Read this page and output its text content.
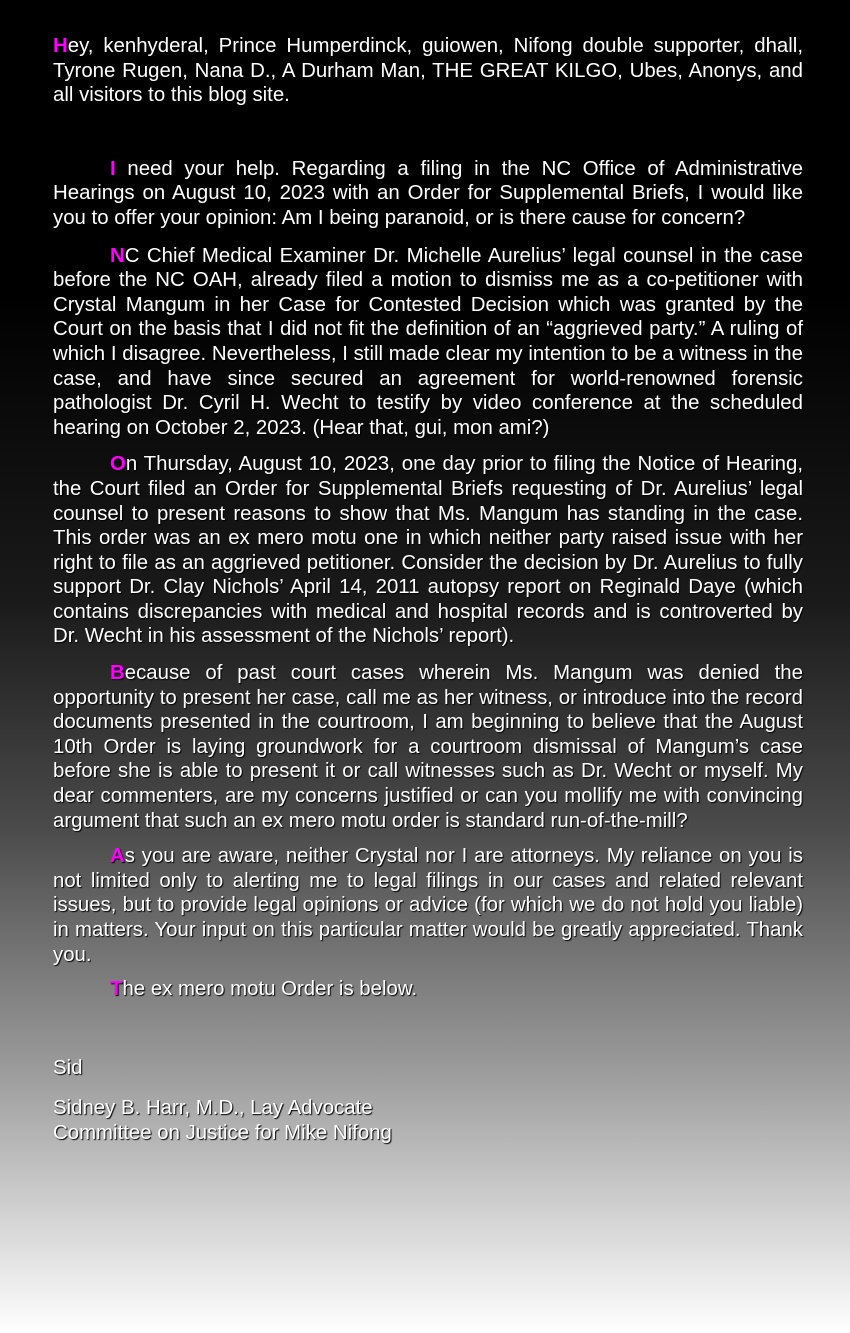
Hey, kenhyderal, Prince Humperdinck, guiowen, Nifong double supporter, dhall, Tyrone Rugen, Nana D., A Durham Man, THE GREAT KILGO, Ubes, Anonys, and all visitors to this blog site.

I need your help. Regarding a filing in the NC Office of Administrative Hearings on August 10, 2023 with an Order for Supplemental Briefs, I would like you to offer your opinion: Am I being paranoid, or is there cause for concern?

NC Chief Medical Examiner Dr. Michelle Aurelius’ legal counsel in the case before the NC OAH, already filed a motion to dismiss me as a co-petitioner with Crystal Mangum in her Case for Contested Decision which was granted by the Court on the basis that I did not fit the definition of an “aggrieved party.” A ruling of which I disagree. Nevertheless, I still made clear my intention to be a witness in the case, and have since secured an agreement for world-renowned forensic pathologist Dr. Cyril H. Wecht to testify by video conference at the scheduled hearing on October 2, 2023. (Hear that, gui, mon ami?)

On Thursday, August 10, 2023, one day prior to filing the Notice of Hearing, the Court filed an Order for Supplemental Briefs requesting of Dr. Aurelius’ legal counsel to present reasons to show that Ms. Mangum has standing in the case. This order was an ex mero motu one in which neither party raised issue with her right to file as an aggrieved petitioner. Consider the decision by Dr. Aurelius to fully support Dr. Clay Nichols’ April 14, 2011 autopsy report on Reginald Daye (which contains discrepancies with medical and hospital records and is controverted by Dr. Wecht in his assessment of the Nichols’ report).

Because of past court cases wherein Ms. Mangum was denied the opportunity to present her case, call me as her witness, or introduce into the record documents presented in the courtroom, I am beginning to believe that the August 10th Order is laying groundwork for a courtroom dismissal of Mangum’s case before she is able to present it or call witnesses such as Dr. Wecht or myself. My dear commenters, are my concerns justified or can you mollify me with convincing argument that such an ex mero motu order is standard run-of-the-mill?

As you are aware, neither Crystal nor I are attorneys. My reliance on you is not limited only to alerting me to legal filings in our cases and related relevant issues, but to provide legal opinions or advice (for which we do not hold you liable) in matters. Your input on this particular matter would be greatly appreciated. Thank you.

The ex mero motu Order is below.

Sid

Sidney B. Harr, M.D., Lay Advocate

Committee on Justice for Mike Nifong
